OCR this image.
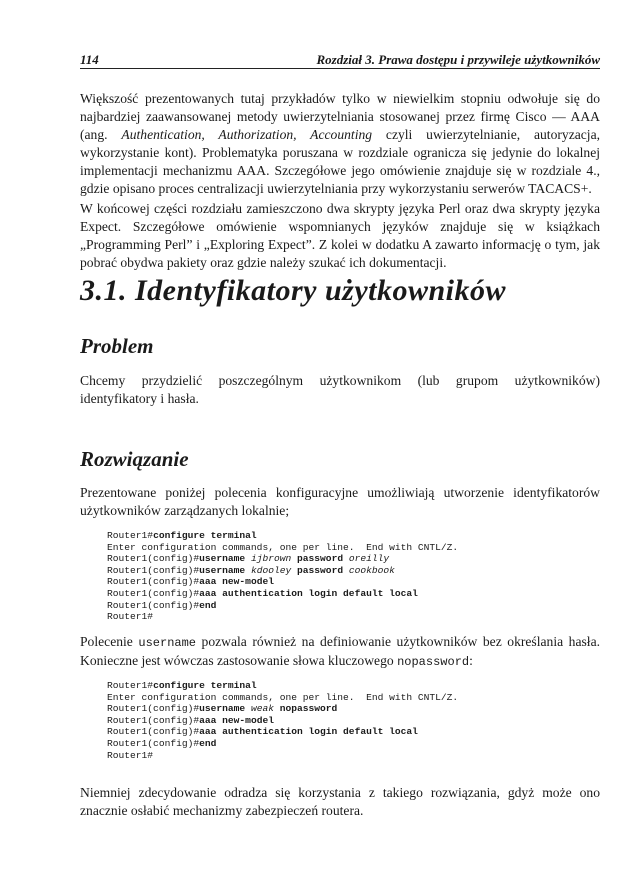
114	Rozdział 3. Prawa dostępu i przywileje użytkowników
Większość prezentowanych tutaj przykładów tylko w niewielkim stopniu odwołuje się do najbardziej zaawansowanej metody uwierzytelniania stosowanej przez firmę Cisco — AAA (ang. Authentication, Authorization, Accounting czyli uwierzytelnianie, autoryzacja, wykorzystanie kont). Problematyka poruszana w rozdziale ogranicza się jedynie do lokalnej implementacji mechanizmu AAA. Szczegółowe jego omówienie znajduje się w rozdziale 4., gdzie opisano proces centralizacji uwierzytelniania przy wykorzystaniu serwerów TACACS+.
W końcowej części rozdziału zamieszczono dwa skrypty języka Perl oraz dwa skrypty języka Expect. Szczegółowe omówienie wspomnianych języków znajduje się w książkach „Programming Perl” i „Exploring Expect”. Z kolei w dodatku A zawarto informację o tym, jak pobrać obydwa pakiety oraz gdzie należy szukać ich dokumentacji.
3.1. Identyfikatory użytkowników
Problem
Chcemy przydzielić poszczególnym użytkownikom (lub grupom użytkowników) identyfikatory i hasła.
Rozwiązanie
Prezentowane poniżej polecenia konfiguracyjne umożliwiają utworzenie identyfikatorów użytkowników zarządzanych lokalnie;
Router1#configure terminal
Enter configuration commands, one per line.  End with CNTL/Z.
Router1(config)#username ijbrown password oreilly
Router1(config)#username kdooley password cookbook
Router1(config)#aaa new-model
Router1(config)#aaa authentication login default local
Router1(config)#end
Router1#
Polecenie username pozwala również na definiowanie użytkowników bez określania hasła. Konieczne jest wówczas zastosowanie słowa kluczowego nopassword:
Router1#configure terminal
Enter configuration commands, one per line.  End with CNTL/Z.
Router1(config)#username weak nopassword
Router1(config)#aaa new-model
Router1(config)#aaa authentication login default local
Router1(config)#end
Router1#
Niemniej zdecydowanie odradza się korzystania z takiego rozwiązania, gdyż może ono znacznie osłabić mechanizmy zabezpieczeń routera.
